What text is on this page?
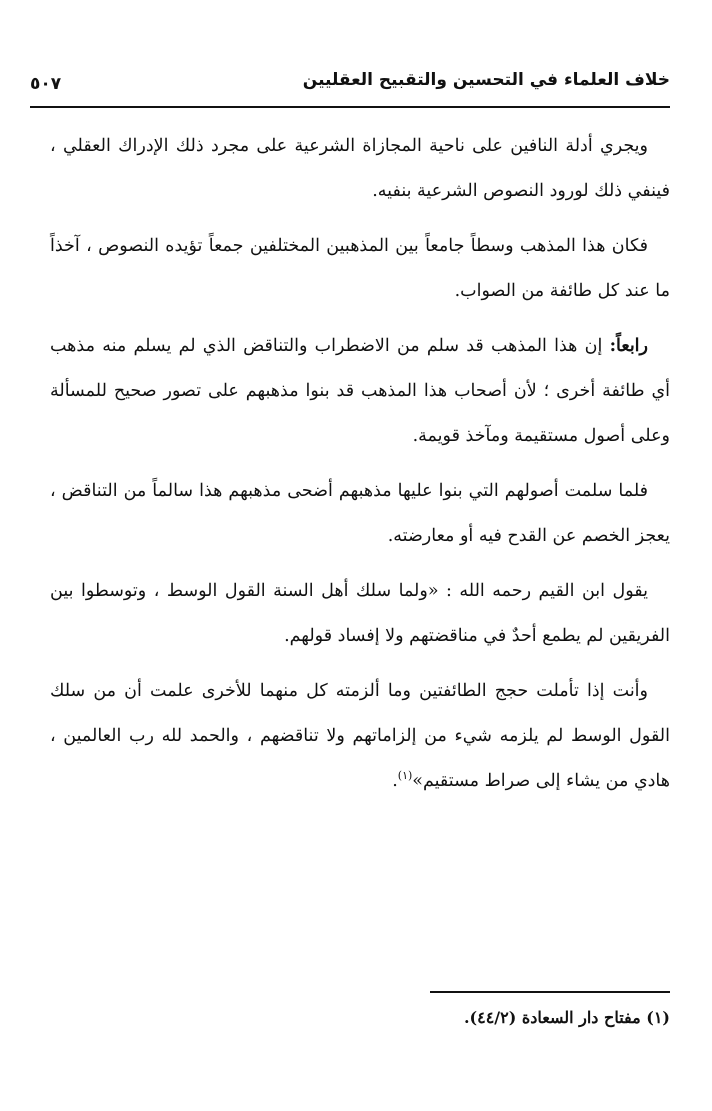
خلاف العلماء في التحسين والتقبيح العقليين
٥٠٧

ويجري أدلة النافين على ناحية المجازاة الشرعية على مجرد ذلك الإدراك العقلي ، فينفي ذلك لورود النصوص الشرعية بنفيه.

فكان هذا المذهب وسطاً جامعاً بين المذهبين المختلفين جمعاً تؤيده النصوص ، آخذاً ما عند كل طائفة من الصواب.

رابعاً: إن هذا المذهب قد سلم من الاضطراب والتناقض الذي لم يسلم منه مذهب أي طائفة أخرى ؛ لأن أصحاب هذا المذهب قد بنوا مذهبهم على تصور صحيح للمسألة وعلى أصول مستقيمة ومآخذ قويمة.

فلما سلمت أصولهم التي بنوا عليها مذهبهم أضحى مذهبهم هذا سالماً من التناقض ، يعجز الخصم عن القدح فيه أو معارضته.

يقول ابن القيم رحمه الله : «ولما سلك أهل السنة القول الوسط ، وتوسطوا بين الفريقين لم يطمع أحدٌ في مناقضتهم ولا إفساد قولهم.

وأنت إذا تأملت حجج الطائفتين وما ألزمته كل منهما للأخرى علمت أن من سلك القول الوسط لم يلزمه شيء من إلزاماتهم ولا تناقضهم ، والحمد لله رب العالمين ، هادي من يشاء إلى صراط مستقيم»$^{(١)}$.

(١) مفتاح دار السعادة (٤٤/٢).
